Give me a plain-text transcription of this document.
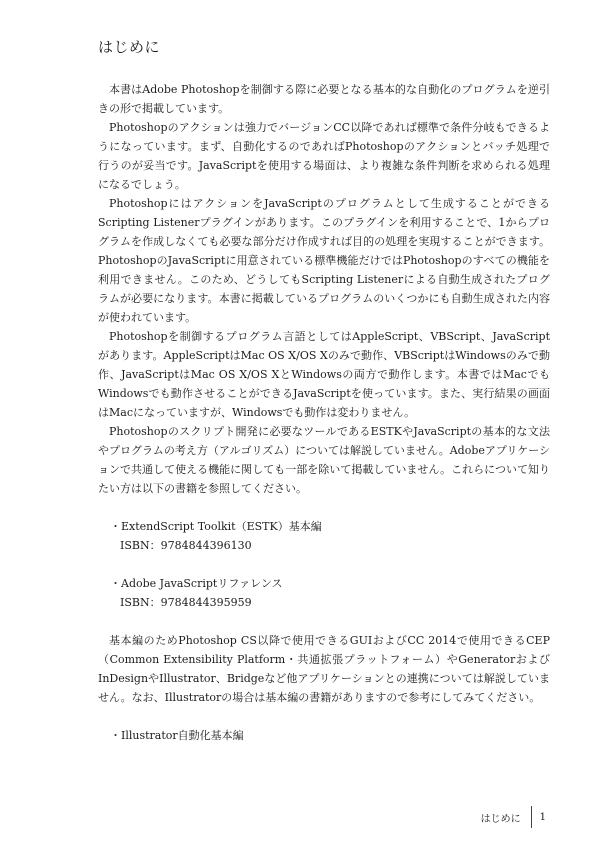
はじめに

本書はAdobe Photoshopを制御する際に必要となる基本的な自動化のプログラムを逆引きの形で掲載しています。

Photoshopのアクションは強力でバージョンCC以降であれば標準で条件分岐もできるようになっています。まず、自動化するのであればPhotoshopのアクションとバッチ処理で行うのが妥当です。JavaScriptを使用する場面は、より複雑な条件判断を求められる処理になるでしょう。

PhotoshopにはアクションをJavaScriptのプログラムとして生成することができるScripting Listenerプラグインがあります。このプラグインを利用することで、1からプログラムを作成しなくても必要な部分だけ作成すれば目的の処理を実現することができます。PhotoshopのJavaScriptに用意されている標準機能だけではPhotoshopのすべての機能を利用できません。このため、どうしてもScripting Listenerによる自動生成されたプログラムが必要になります。本書に掲載しているプログラムのいくつかにも自動生成された内容が使われています。

Photoshopを制御するプログラム言語としてはAppleScript、VBScript、JavaScriptがあります。AppleScriptはMac OS X/OS Xのみで動作、VBScriptはWindowsのみで動作、JavaScriptはMac OS X/OS XとWindowsの両方で動作します。本書ではMacでもWindowsでも動作させることができるJavaScriptを使っています。また、実行結果の画面はMacになっていますが、Windowsでも動作は変わりません。

Photoshopのスクリプト開発に必要なツールであるESTKやJavaScriptの基本的な文法やプログラムの考え方（アルゴリズム）については解説していません。Adobeアプリケーションで共通して使える機能に関しても一部を除いて掲載していません。これらについて知りたい方は以下の書籍を参照してください。

・ExtendScript Toolkit（ESTK）基本編
ISBN：9784844396130

・Adobe JavaScriptリファレンス
ISBN：9784844395959

基本編のためPhotoshop CS以降で使用できるGUIおよびCC 2014で使用できるCEP（Common Extensibility Platform・共通拡張プラットフォーム）やGeneratorおよびInDesignやIllustrator、Bridgeなど他アプリケーションとの連携については解説していません。なお、Illustratorの場合は基本編の書籍がありますので参考にしてみてください。

・Illustrator自動化基本編

はじめに 1
